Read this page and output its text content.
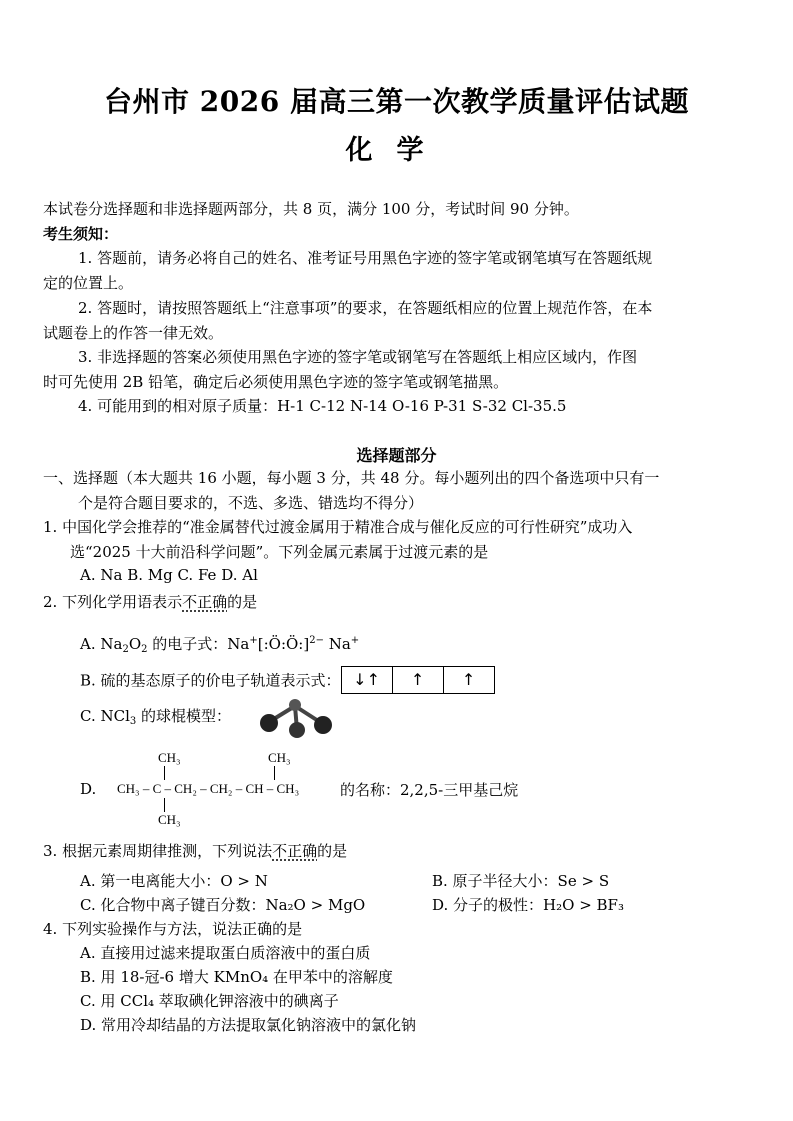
台州市 2026 届高三第一次教学质量评估试题
化学
本试卷分选择题和非选择题两部分，共 8 页，满分 100 分，考试时间 90 分钟。
考生须知：
1. 答题前，请务必将自己的姓名、准考证号用黑色字迹的签字笔或钢笔填写在答题纸规
定的位置上。
2. 答题时，请按照答题纸上“注意事项”的要求，在答题纸相应的位置上规范作答，在本
试题卷上的作答一律无效。
3. 非选择题的答案必须使用黑色字迹的签字笔或钢笔写在答题纸上相应区域内，作图
时可先使用 2B 铅笔，确定后必须使用黑色字迹的签字笔或钢笔描黑。
4. 可能用到的相对原子质量：H-1 C-12 N-14 O-16 P-31 S-32 Cl-35.5
选择题部分
一、选择题（本大题共 16 小题，每小题 3 分，共 48 分。每小题列出的四个备选项中只有一
个是符合题目要求的，不选、多选、错选均不得分）
1. 中国化学会推荐的“准金属替代过渡金属用于精准合成与催化反应的可行性研究”成功入
选“2025 十大前沿科学问题”。下列金属元素属于过渡元素的是
A. Na B. Mg C. Fe D. Al
2. 下列化学用语表示不正确的是
A. $Na_2O_2$ 的电子式：Na+[:Ö:Ö:]$^{2-}$ Na+
B. 硫的基态原子的价电子轨道表示式： ↓↑ ↑ ↑
C. NCl$_3$ 的球棍模型：
D.
CH₃	CH₃
CH₃ – C – CH₂ – CH₂ – CH – CH₃
CH₃
的名称：2,2,5-三甲基己烷
3. 根据元素周期律推测，下列说法不正确的是
A. 第一电离能大小：O > N	B. 原子半径大小：Se > S
C. 化合物中离子键百分数：Na₂O > MgO	D. 分子的极性：H₂O > BF₃
4. 下列实验操作与方法，说法正确的是
A. 直接用过滤来提取蛋白质溶液中的蛋白质
B. 用 18-冠-6 增大 KMnO₄ 在甲苯中的溶解度
C. 用 CCl₄ 萃取碘化钾溶液中的碘离子
D. 常用冷却结晶的方法提取氯化钠溶液中的氯化钠
